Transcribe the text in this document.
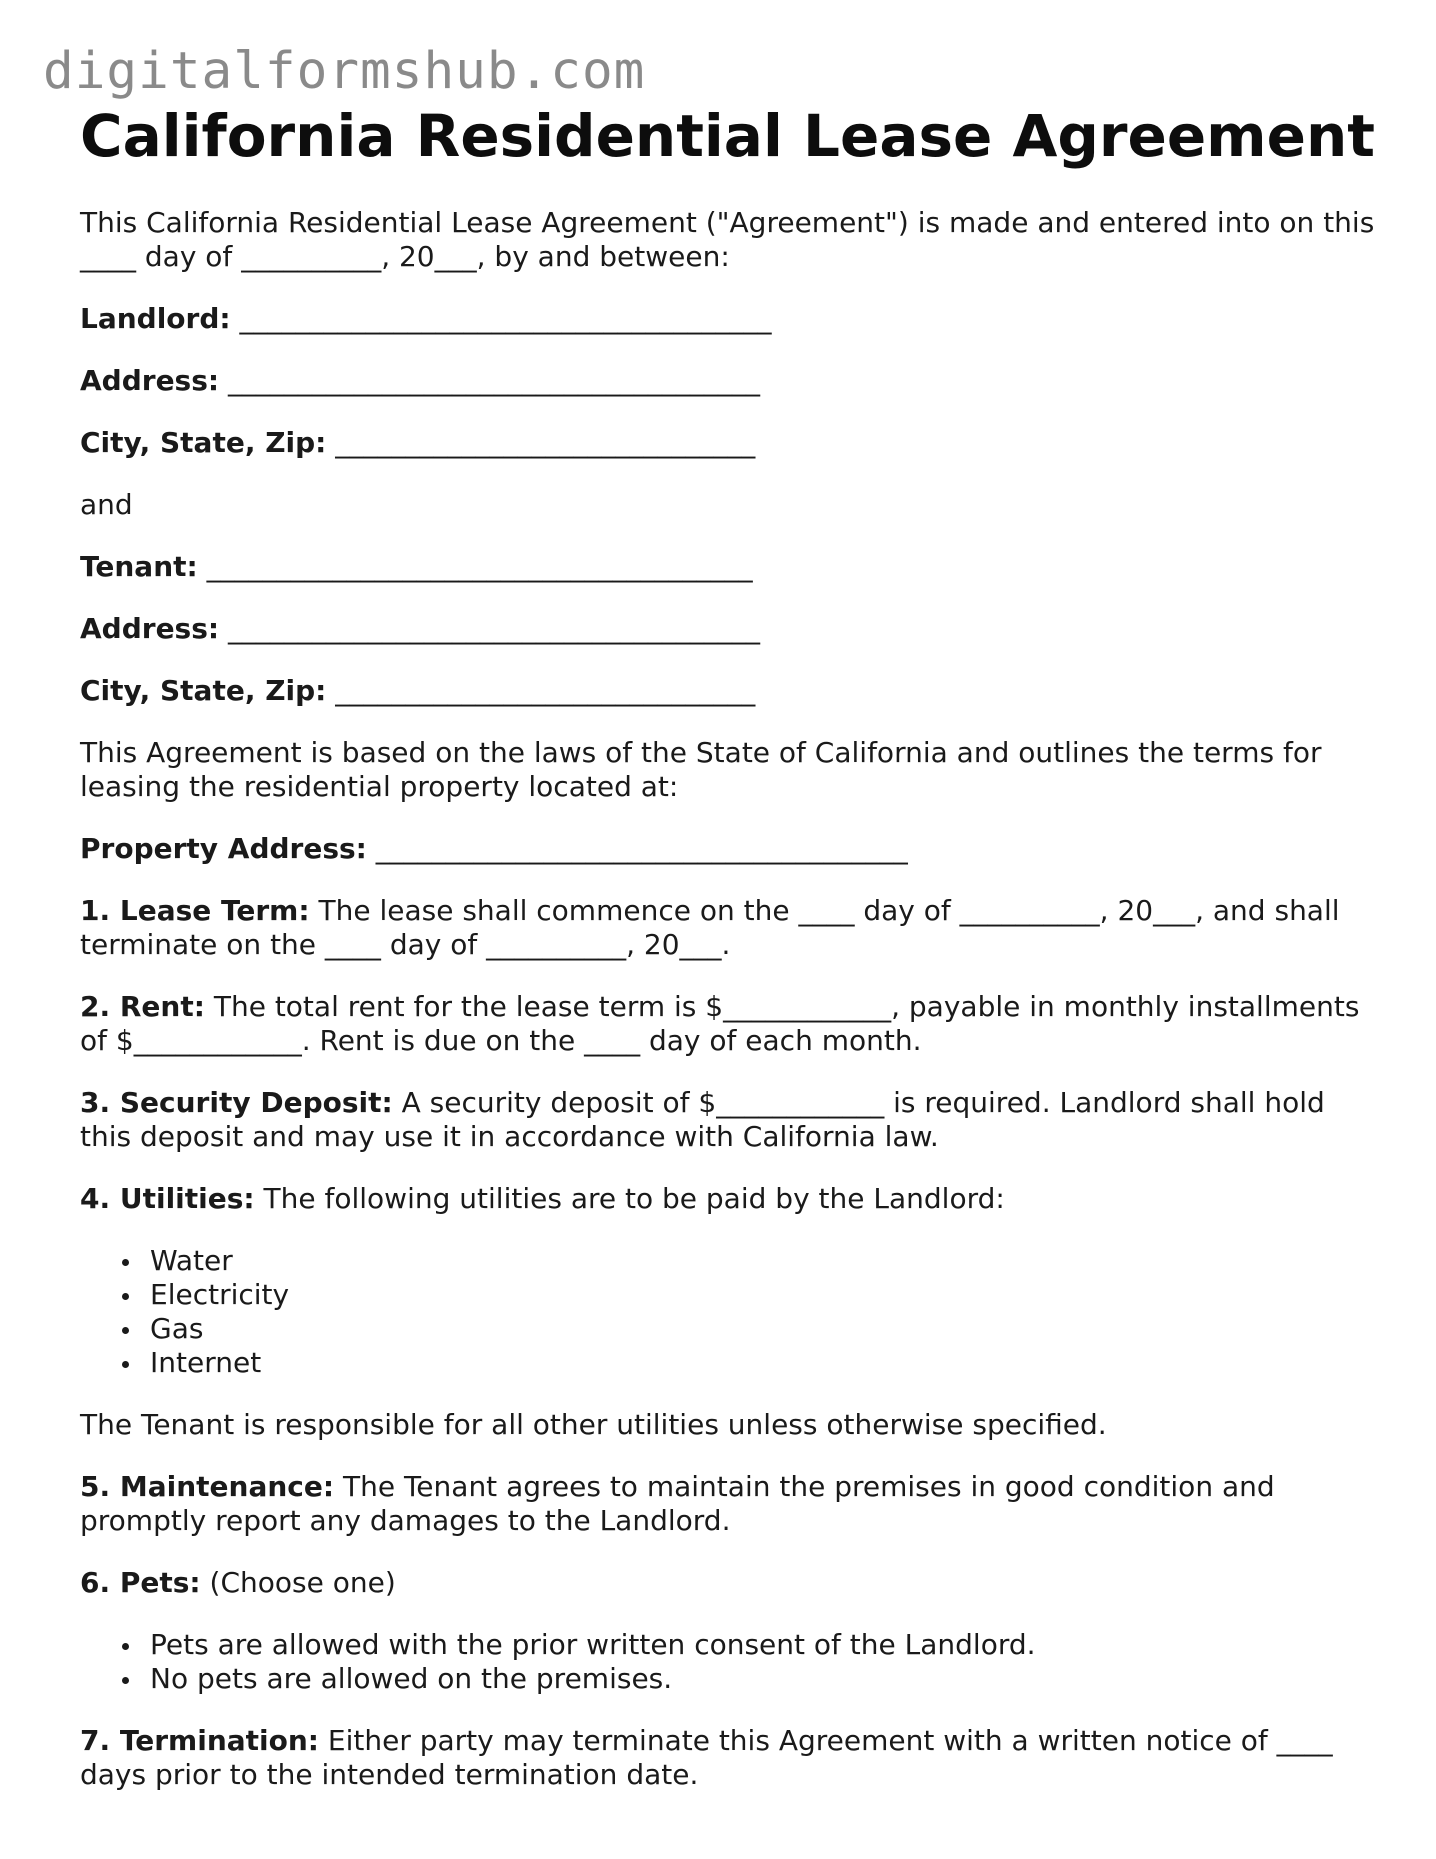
digitalformshub.com
California Residential Lease Agreement

This California Residential Lease Agreement ("Agreement") is made and entered into on this ____ day of __________, 20___, by and between:

Landlord: ______________________________________

Address: ______________________________________

City, State, Zip: ______________________________

and

Tenant: _______________________________________

Address: ______________________________________

City, State, Zip: ______________________________

This Agreement is based on the laws of the State of California and outlines the terms for leasing the residential property located at:

Property Address: ______________________________________

1. Lease Term: The lease shall commence on the ____ day of __________, 20___, and shall terminate on the ____ day of __________, 20___.

2. Rent: The total rent for the lease term is $____________, payable in monthly installments of $____________. Rent is due on the ____ day of each month.

3. Security Deposit: A security deposit of $____________ is required. Landlord shall hold this deposit and may use it in accordance with California law.

4. Utilities: The following utilities are to be paid by the Landlord:

Water
Electricity
Gas
Internet

The Tenant is responsible for all other utilities unless otherwise specified.

5. Maintenance: The Tenant agrees to maintain the premises in good condition and promptly report any damages to the Landlord.

6. Pets: (Choose one)

Pets are allowed with the prior written consent of the Landlord.
No pets are allowed on the premises.

7. Termination: Either party may terminate this Agreement with a written notice of ____ days prior to the intended termination date.
